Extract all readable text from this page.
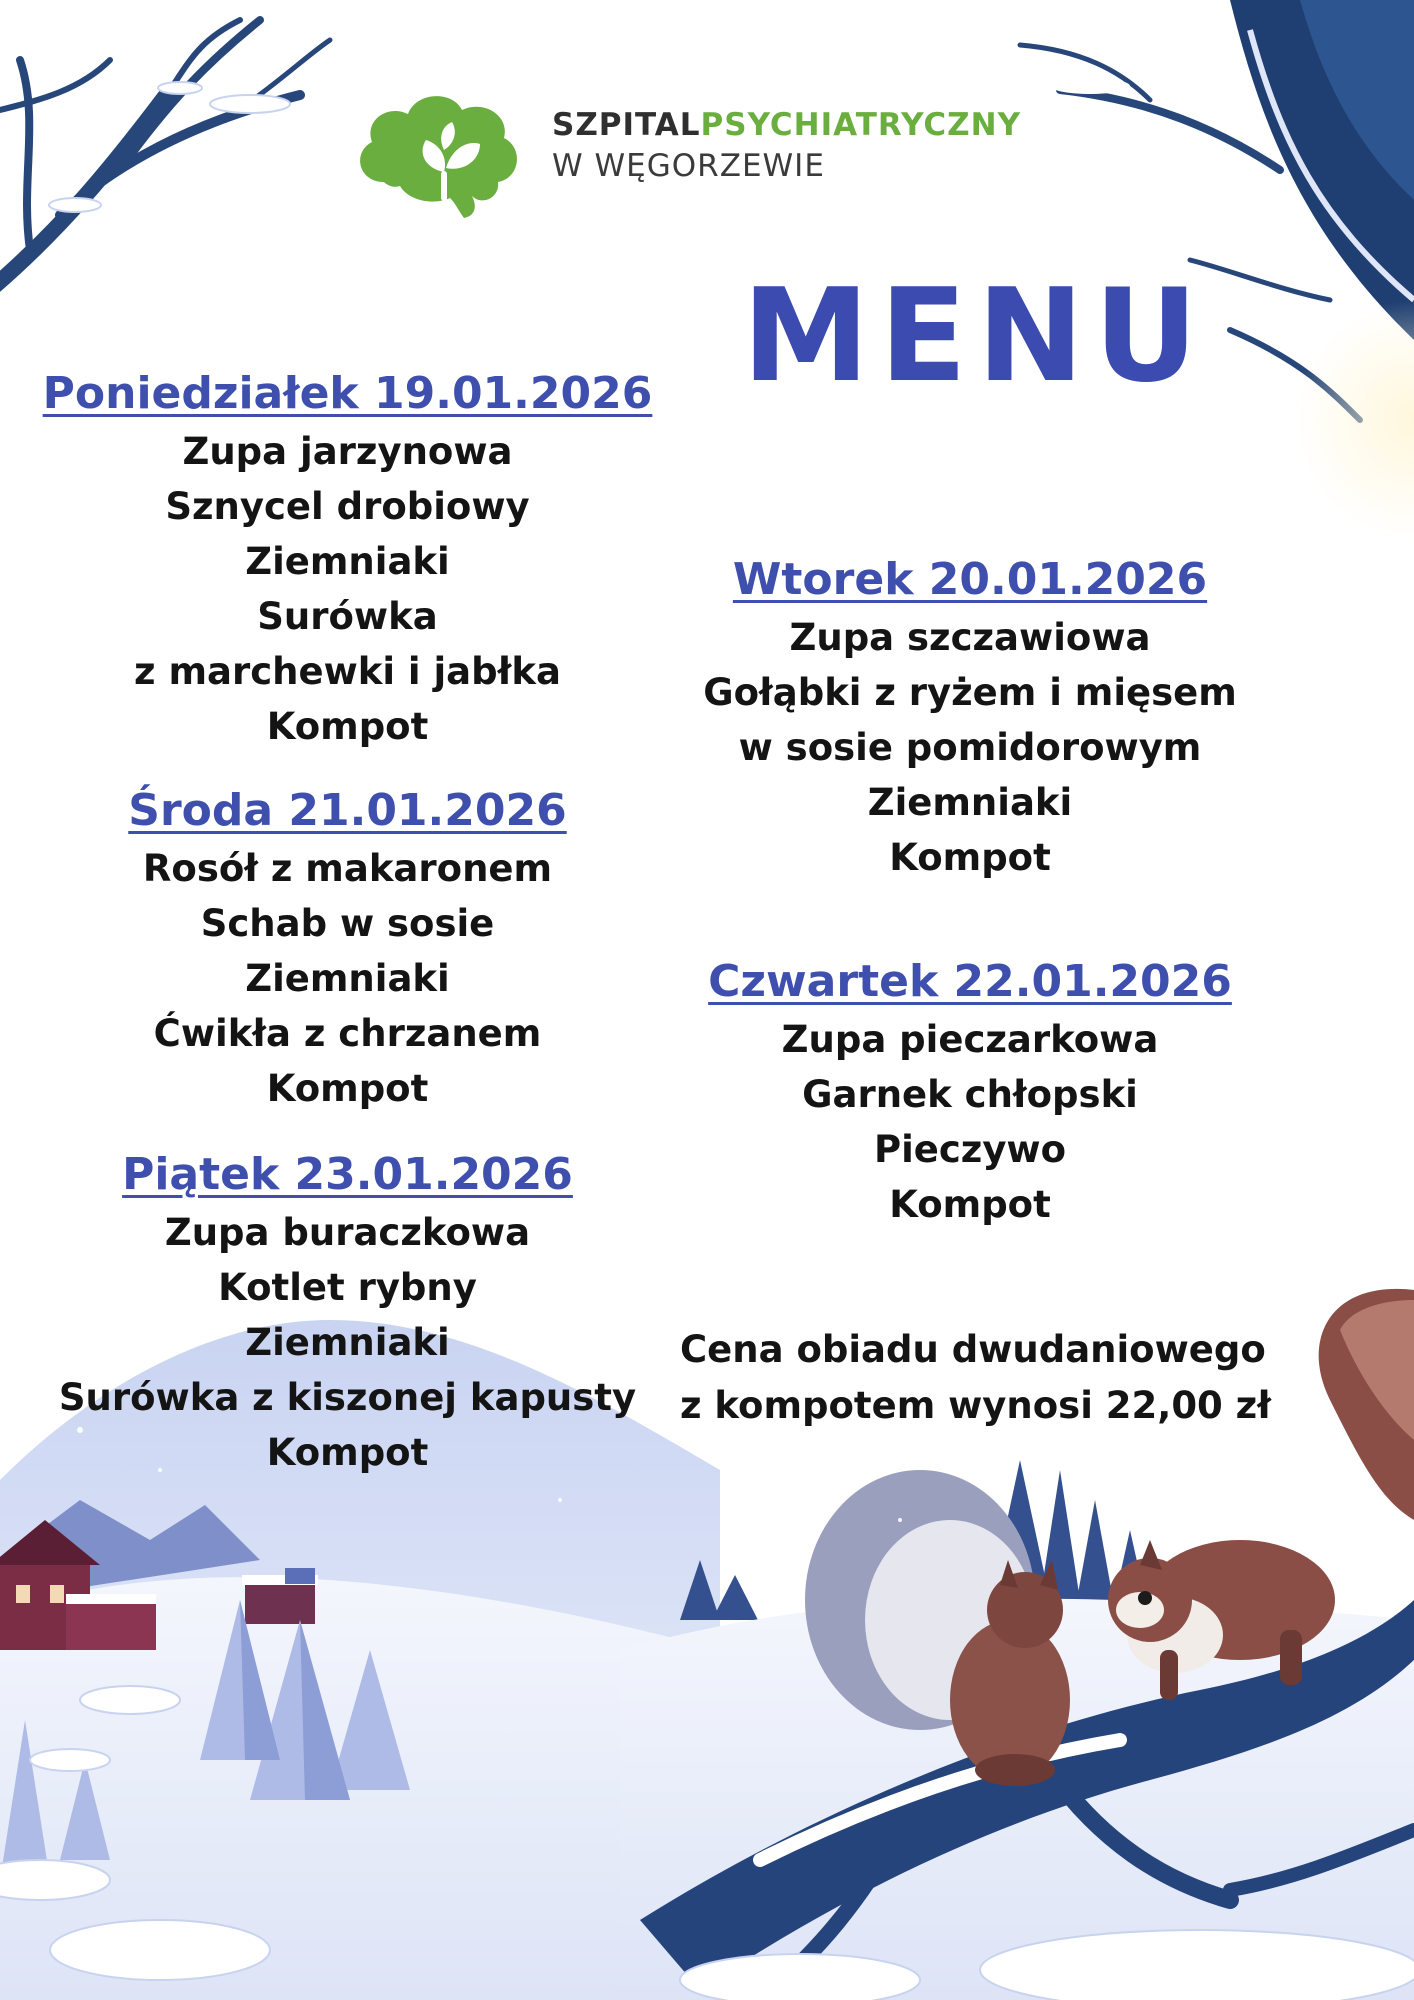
SZPITALPSYCHIATRYCZNY
W WĘGORZEWIE
MENU
Poniedziałek 19.01.2026
Zupa jarzynowa
Sznycel drobiowy
Ziemniaki
Surówka
z marchewki i jabłka
Kompot
Środa 21.01.2026
Rosół z makaronem
Schab w sosie
Ziemniaki
Ćwikła z chrzanem
Kompot
Piątek 23.01.2026
Zupa buraczkowa
Kotlet rybny
Ziemniaki
Surówka z kiszonej kapusty
Kompot
Wtorek 20.01.2026
Zupa szczawiowa
Gołąbki z ryżem i mięsem
w sosie pomidorowym
Ziemniaki
Kompot
Czwartek 22.01.2026
Zupa pieczarkowa
Garnek chłopski
Pieczywo
Kompot
Cena obiadu dwudaniowego
z kompotem wynosi 22,00 zł
